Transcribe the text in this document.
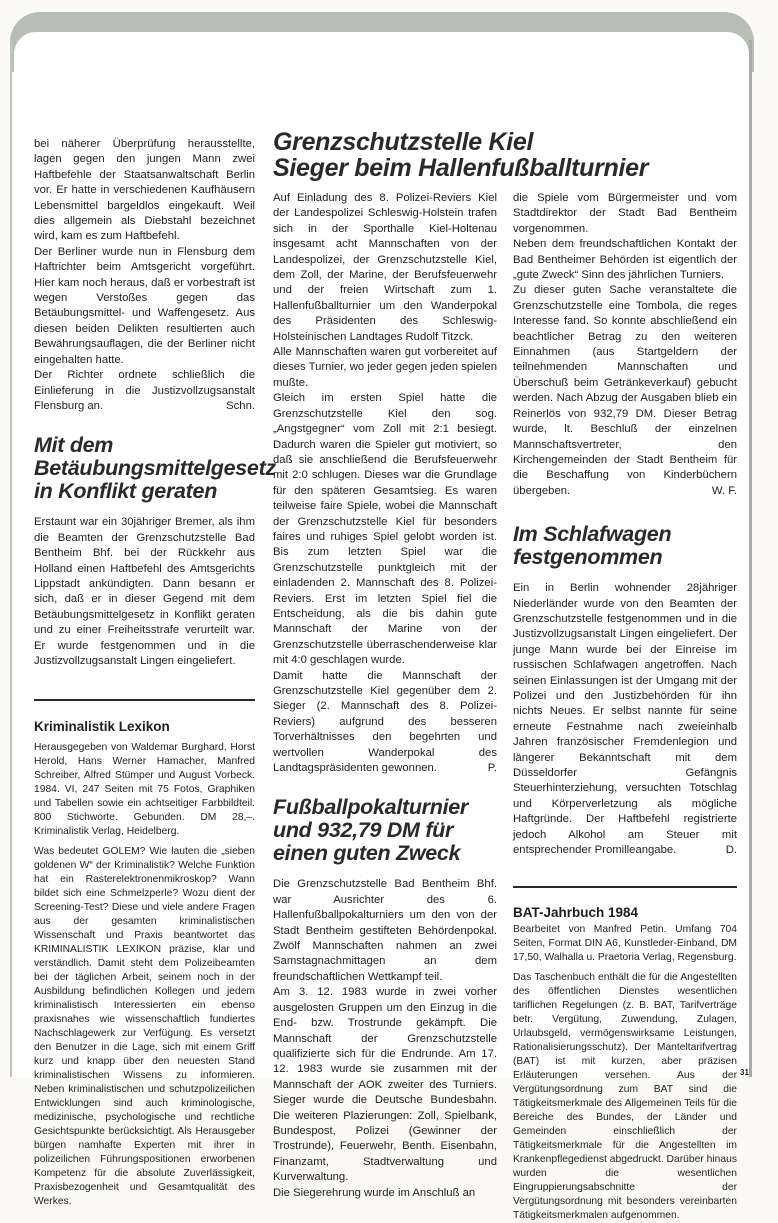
bei näherer Überprüfung herausstellte, lagen gegen den jungen Mann zwei Haftbefehle der Staatsanwaltschaft Berlin vor. Er hatte in verschiedenen Kaufhäusern Lebensmittel bargeldlos eingekauft. Weil dies allgemein als Diebstahl bezeichnet wird, kam es zum Haftbefehl.

Der Berliner wurde nun in Flensburg dem Haftrichter beim Amtsgericht vorgeführt. Hier kam noch heraus, daß er vorbestraft ist wegen Verstoßes gegen das Betäubungsmittel- und Waffengesetz. Aus diesen beiden Delikten resultierten auch Bewährungsauflagen, die der Berliner nicht eingehalten hatte.

Der Richter ordnete schließlich die Einlieferung in die Justizvollzugsanstalt Flensburg an.	Schn.

Mit dem Betäubungsmittelgesetz in Konflikt geraten

Erstaunt war ein 30jähriger Bremer, als ihm die Beamten der Grenzschutzstelle Bad Bentheim Bhf. bei der Rückkehr aus Holland einen Haftbefehl des Amtsgerichts Lippstadt ankündigten. Dann besann er sich, daß er in dieser Gegend mit dem Betäubungsmittelgesetz in Konflikt geraten und zu einer Freiheitsstrafe verurteilt war. Er wurde festgenommen und in die Justizvollzugsanstalt Lingen eingeliefert.

Kriminalistik Lexikon

Herausgegeben von Waldemar Burghard, Horst Herold, Hans Werner Hamacher, Manfred Schreiber, Alfred Stümper und August Vorbeck. 1984. VI, 247 Seiten mit 75 Fotos, Graphiken und Tabellen sowie ein achtseitiger Farbbildteil. 800 Stichworte. Gebunden. DM 28,–. Kriminalistik Verlag, Heidelberg.

Was bedeutet GOLEM? Wie lauten die „sieben goldenen W“ der Kriminalistik? Welche Funktion hat ein Rasterelektronenmikroskop? Wann bildet sich eine Schmelzperle? Wozu dient der Screening-Test? Diese und viele andere Fragen aus der gesamten kriminalistischen Wissenschaft und Praxis beantwortet das KRIMINALISTIK LEXIKON präzise, klar und verständlich. Damit steht dem Polizeibeamten bei der täglichen Arbeit, seinem noch in der Ausbildung befindlichen Kollegen und jedem kriminalistisch Interessierten ein ebenso praxisnahes wie wissenschaftlich fundiertes Nachschlagewerk zur Verfügung. Es versetzt den Benutzer in die Lage, sich mit einem Griff kurz und knapp über den neuesten Stand kriminalistischen Wissens zu informieren. Neben kriminalistischen und schutzpolizeilichen Entwicklungen sind auch kriminologische, medizinische, psychologische und rechtliche Gesichtspunkte berücksichtigt. Als Herausgeber bürgen namhafte Experten mit ihrer in polizeilichen Führungspositionen erworbenen Kompetenz für die absolute Zuverlässigkeit, Praxisbezogenheit und Gesamtqualität des Werkes.

Grenzschutzstelle Kiel
Sieger beim Hallenfußballturnier

Auf Einladung des 8. Polizei-Reviers Kiel der Landespolizei Schleswig-Holstein trafen sich in der Sporthalle Kiel-Holtenau insgesamt acht Mannschaften von der Landespolizei, der Grenzschutzstelle Kiel, dem Zoll, der Marine, der Berufsfeuerwehr und der freien Wirtschaft zum 1. Hallenfußballturnier um den Wanderpokal des Präsidenten des Schleswig-Holsteinischen Landtages Rudolf Titzck.

Alle Mannschaften waren gut vorbereitet auf dieses Turnier, wo jeder gegen jeden spielen mußte.

Gleich im ersten Spiel hatte die Grenzschutzstelle Kiel den sog. „Angstgegner“ vom Zoll mit 2:1 besiegt. Dadurch waren die Spieler gut motiviert, so daß sie anschließend die Berufsfeuerwehr mit 2:0 schlugen. Dieses war die Grundlage für den späteren Gesamtsieg. Es waren teilweise faire Spiele, wobei die Mannschaft der Grenzschutzstelle Kiel für besonders faires und ruhiges Spiel gelobt worden ist. Bis zum letzten Spiel war die Grenzschutzstelle punktgleich mit der einladenden 2. Mannschaft des 8. Polizei-Reviers. Erst im letzten Spiel fiel die Entscheidung, als die bis dahin gute Mannschaft der Marine von der Grenzschutzstelle überraschenderweise klar mit 4:0 geschlagen wurde.

Damit hatte die Mannschaft der Grenzschutzstelle Kiel gegenüber dem 2. Sieger (2. Mannschaft des 8. Polizei-Reviers) aufgrund des besseren Torverhältnisses den begehrten und wertvollen Wanderpokal des Landtagspräsidenten gewonnen.	P.

Fußballpokalturnier und 932,79 DM für einen guten Zweck

Die Grenzschutzstelle Bad Bentheim Bhf. war Ausrichter des 6. Hallenfußballpokalturniers um den von der Stadt Bentheim gestifteten Behördenpokal. Zwölf Mannschaften nahmen an zwei Samstagnachmittagen an dem freundschaftlichen Wettkampf teil.

Am 3. 12. 1983 wurde in zwei vorher ausgelosten Gruppen um den Einzug in die End- bzw. Trostrunde gekämpft. Die Mannschaft der Grenzschutzstelle qualifizierte sich für die Endrunde. Am 17. 12. 1983 wurde sie zusammen mit der Mannschaft der AOK zweiter des Turniers. Sieger wurde die Deutsche Bundesbahn. Die weiteren Plazierungen: Zoll, Spielbank, Bundespost, Polizei (Gewinner der Trostrunde), Feuerwehr, Benth. Eisenbahn, Finanzamt, Stadtverwaltung und Kurverwaltung.

Die Siegerehrung wurde im Anschluß an

die Spiele vom Bürgermeister und vom Stadtdirektor der Stadt Bad Bentheim vorgenommen.

Neben dem freundschaftlichen Kontakt der Bad Bentheimer Behörden ist eigentlich der „gute Zweck“ Sinn des jährlichen Turniers.

Zu dieser guten Sache veranstaltete die Grenzschutzstelle eine Tombola, die reges Interesse fand. So konnte abschließend ein beachtlicher Betrag zu den weiteren Einnahmen (aus Startgeldern der teilnehmenden Mannschaften und Überschuß beim Getränkeverkauf) gebucht werden. Nach Abzug der Ausgaben blieb ein Reinerlös von 932,79 DM. Dieser Betrag wurde, lt. Beschluß der einzelnen Mannschaftsvertreter, den Kirchengemeinden der Stadt Bentheim für die Beschaffung von Kinderbüchern übergeben.	W. F.

Im Schlafwagen festgenommen

Ein in Berlin wohnender 28jähriger Niederländer wurde von den Beamten der Grenzschutzstelle festgenommen und in die Justizvollzugsanstalt Lingen eingeliefert. Der junge Mann wurde bei der Einreise im russischen Schlafwagen angetroffen. Nach seinen Einlassungen ist der Umgang mit der Polizei und den Justizbehörden für ihn nichts Neues. Er selbst nannte für seine erneute Festnahme nach zweieinhalb Jahren französischer Fremdenlegion und längerer Bekanntschaft mit dem Düsseldorfer Gefängnis Steuerhinterziehung, versuchten Totschlag und Körperverletzung als mögliche Haftgründe. Der Haftbefehl registrierte jedoch Alkohol am Steuer mit entsprechender Promilleangabe.	D.

BAT-Jahrbuch 1984

Bearbeitet von Manfred Petin. Umfang 704 Seiten, Format DIN A6, Kunstleder-Einband, DM 17,50, Walhalla u. Praetoria Verlag, Regensburg.

Das Taschenbuch enthält die für die Angestellten des öffentlichen Dienstes wesentlichen tariflichen Regelungen (z. B. BAT, Tarifverträge betr. Vergütung, Zuwendung, Zulagen, Urlaubsgeld, vermögenswirksame Leistungen, Rationalisierungsschutz). Der Manteltarifvertrag (BAT) ist mit kurzen, aber präzisen Erläuterungen versehen. Aus der Vergütungsordnung zum BAT sind die Tätigkeitsmerkmale des Allgemeinen Teils für die Bereiche des Bundes, der Länder und Gemeinden einschließlich der Tätigkeitsmerkmale für die Angestellten im Krankenpflegedienst abgedruckt. Darüber hinaus wurden die wesentlichen Eingruppierungsabschnitte der Vergütungsordnung mit besonders vereinbarten Tätigkeitsmerkmalen aufgenommen.

31
